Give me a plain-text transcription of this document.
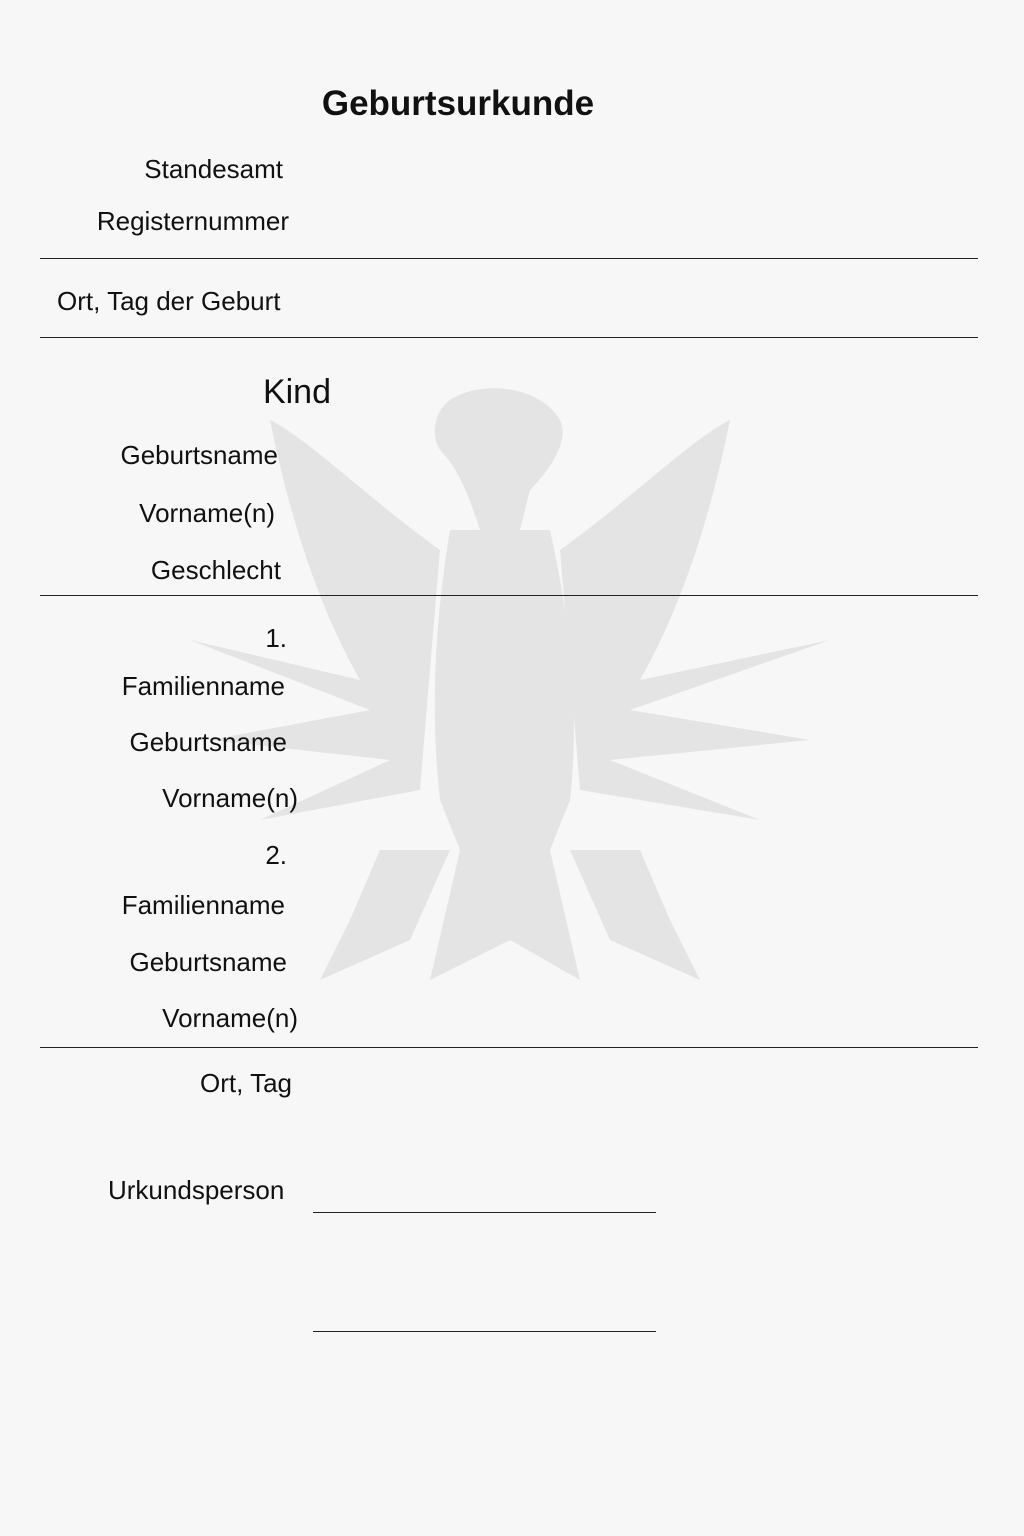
Geburtsurkunde
Standesamt
Registernummer
Ort, Tag der Geburt
Kind
Geburtsname
Vorname(n)
Geschlecht
1.
Familienname
Geburtsname
Vorname(n)
2.
Familienname
Geburtsname
Vorname(n)
Ort, Tag
Urkundsperson
